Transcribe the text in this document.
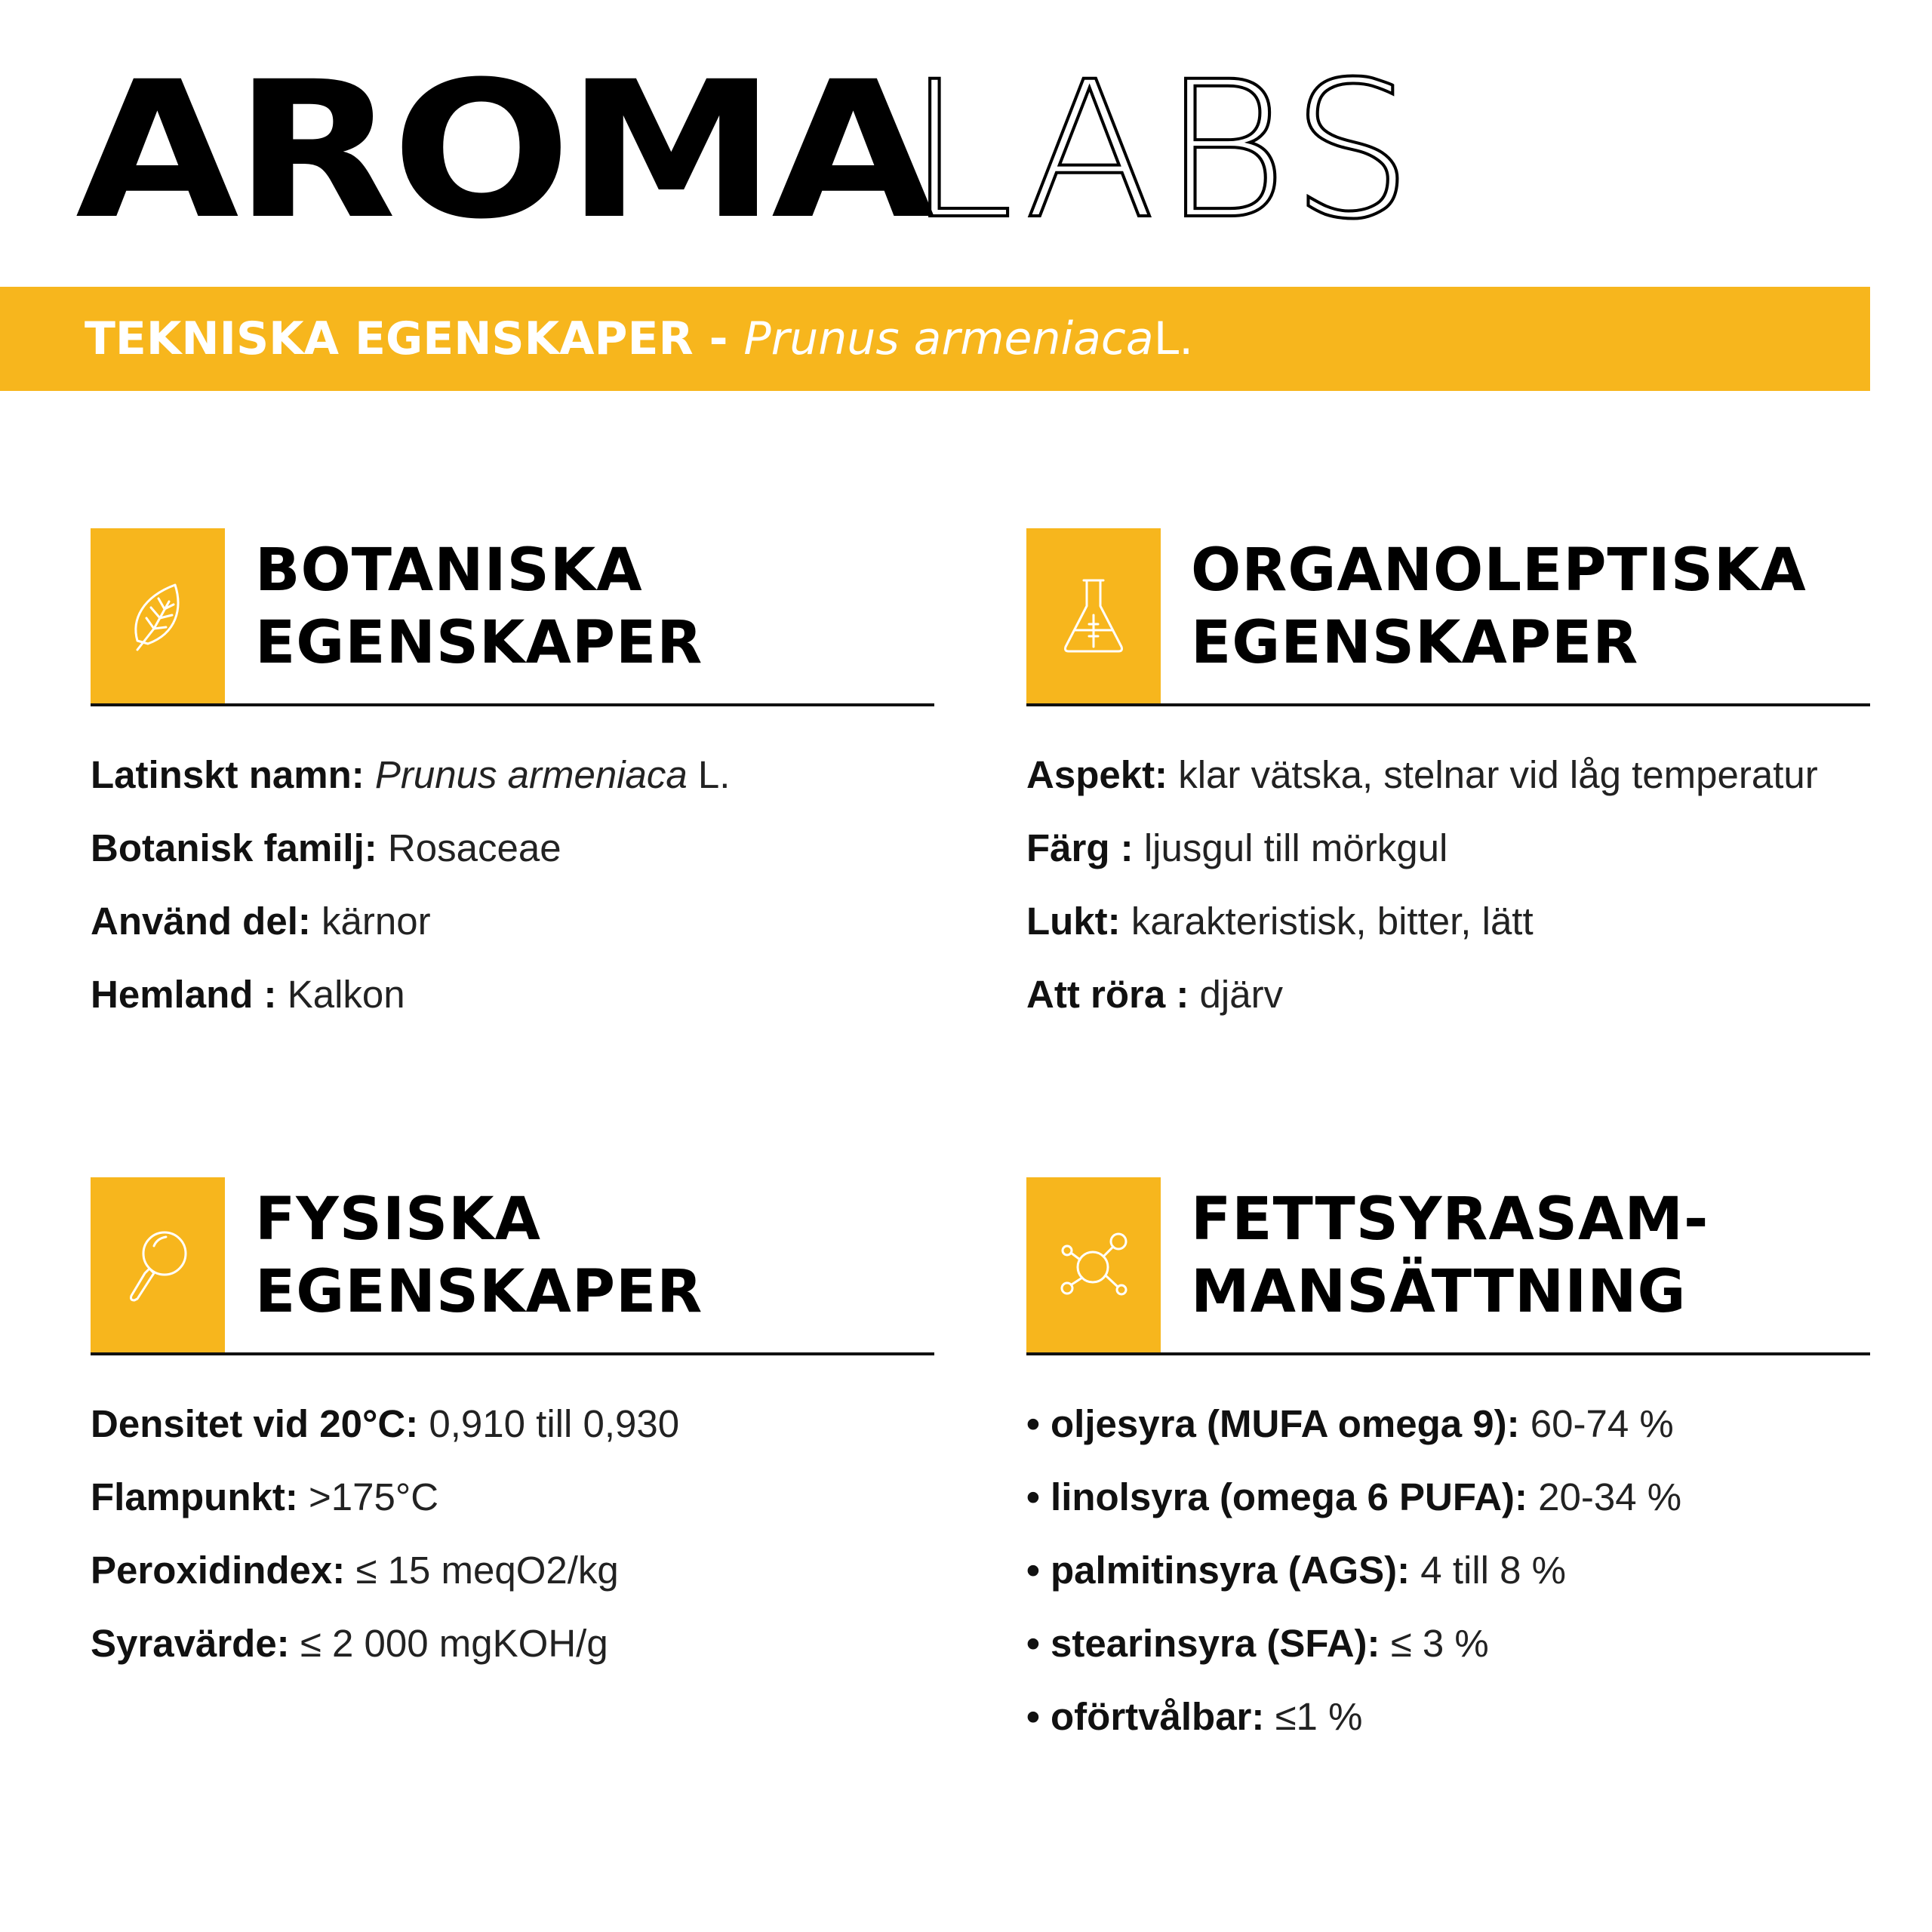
AROMA
LABS
TEKNISKA EGENSKAPER - Prunus armeniaca L.
BOTANISKA
EGENSKAPER
Latinskt namn: Prunus armeniaca L.
Botanisk familj: Rosaceae
Använd del: kärnor
Hemland : Kalkon
ORGANOLEPTISKA
EGENSKAPER
Aspekt: klar vätska, stelnar vid låg temperatur
Färg : ljusgul till mörkgul
Lukt: karakteristisk, bitter, lätt
Att röra : djärv
FYSISKA
EGENSKAPER
Densitet vid 20°C: 0,910 till 0,930
Flampunkt: >175°C
Peroxidindex: ≤ 15 meqO2/kg
Syravärde: ≤ 2 000 mgKOH/g
FETTSYRASAM-
MANSÄTTNING
• oljesyra (MUFA omega 9): 60-74 %
• linolsyra (omega 6 PUFA): 20-34 %
• palmitinsyra (AGS): 4 till 8 %
• stearinsyra (SFA): ≤ 3 %
• ofӧrtvålbar: ≤1 %
